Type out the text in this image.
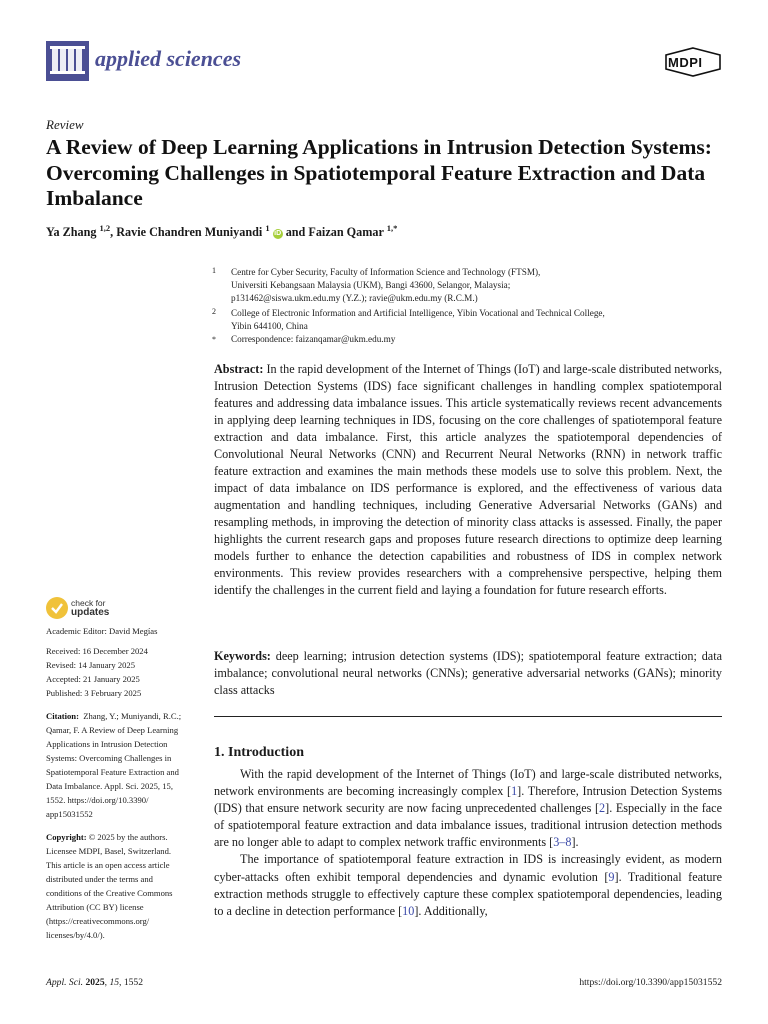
applied sciences	MDPI
Review
A Review of Deep Learning Applications in Intrusion Detection Systems: Overcoming Challenges in Spatiotemporal Feature Extraction and Data Imbalance
Ya Zhang $^{1,2}$, Ravie Chandren Muniyandi $^1$ iD and Faizan Qamar $^{1,*}$
1	Centre for Cyber Security, Faculty of Information Science and Technology (FTSM),
Universiti Kebangsaan Malaysia (UKM), Bangi 43600, Selangor, Malaysia;
p131462@siswa.ukm.edu.my (Y.Z.); ravie@ukm.edu.my (R.C.M.)
2	College of Electronic Information and Artificial Intelligence, Yibin Vocational and Technical College,
Yibin 644100, China
*	Correspondence: faizanqamar@ukm.edu.my
Abstract: In the rapid development of the Internet of Things (IoT) and large-scale distributed networks, Intrusion Detection Systems (IDS) face significant challenges in handling complex spatiotemporal features and addressing data imbalance issues. This article systematically reviews recent advancements in applying deep learning techniques in IDS, focusing on the core challenges of spatiotemporal feature extraction and data imbalance. First, this article analyzes the spatiotemporal dependencies of Convolutional Neural Networks (CNN) and Recurrent Neural Networks (RNN) in network traffic feature extraction and examines the main methods these models use to solve this problem. Next, the impact of data imbalance on IDS performance is explored, and the effectiveness of various data augmentation and handling techniques, including Generative Adversarial Networks (GANs) and resampling methods, in improving the detection of minority class attacks is assessed. Finally, the paper highlights the current research gaps and proposes future research directions to optimize deep learning models further to enhance the detection capabilities and robustness of IDS in complex network environments. This review provides researchers with a comprehensive perspective, helping them identify the challenges in the current field and laying a foundation for future research efforts.
Keywords: deep learning; intrusion detection systems (IDS); spatiotemporal feature extraction; data imbalance; convolutional neural networks (CNNs); generative adversarial networks (GANs); minority class attacks
check for
updates
Academic Editor: David Megías
Received: 16 December 2024
Revised: 14 January 2025
Accepted: 21 January 2025
Published: 3 February 2025
Citation: Zhang, Y.; Muniyandi, R.C.;
Qamar, F. A Review of Deep Learning
Applications in Intrusion Detection
Systems: Overcoming Challenges in
Spatiotemporal Feature Extraction and
Data Imbalance. Appl. Sci. 2025, 15,
1552. https://doi.org/10.3390/
app15031552
Copyright: © 2025 by the authors.
Licensee MDPI, Basel, Switzerland.
This article is an open access article
distributed under the terms and
conditions of the Creative Commons
Attribution (CC BY) license
(https://creativecommons.org/
licenses/by/4.0/).
1. Introduction

With the rapid development of the Internet of Things (IoT) and large-scale distributed networks, network environments are becoming increasingly complex [1]. Therefore, Intrusion Detection Systems (IDS) that ensure network security are now facing unprecedented challenges [2]. Especially in the face of spatiotemporal feature extraction and data imbalance issues, traditional intrusion detection methods are no longer able to adapt to complex network traffic environments [3–8].

The importance of spatiotemporal feature extraction in IDS is increasingly evident, as modern cyber-attacks often exhibit temporal dependencies and dynamic evolution [9]. Traditional feature extraction methods struggle to effectively capture these complex spatiotemporal dependencies, leading to a decline in detection performance [10]. Additionally,

Appl. Sci. 2025, 15, 1552	https://doi.org/10.3390/app15031552
